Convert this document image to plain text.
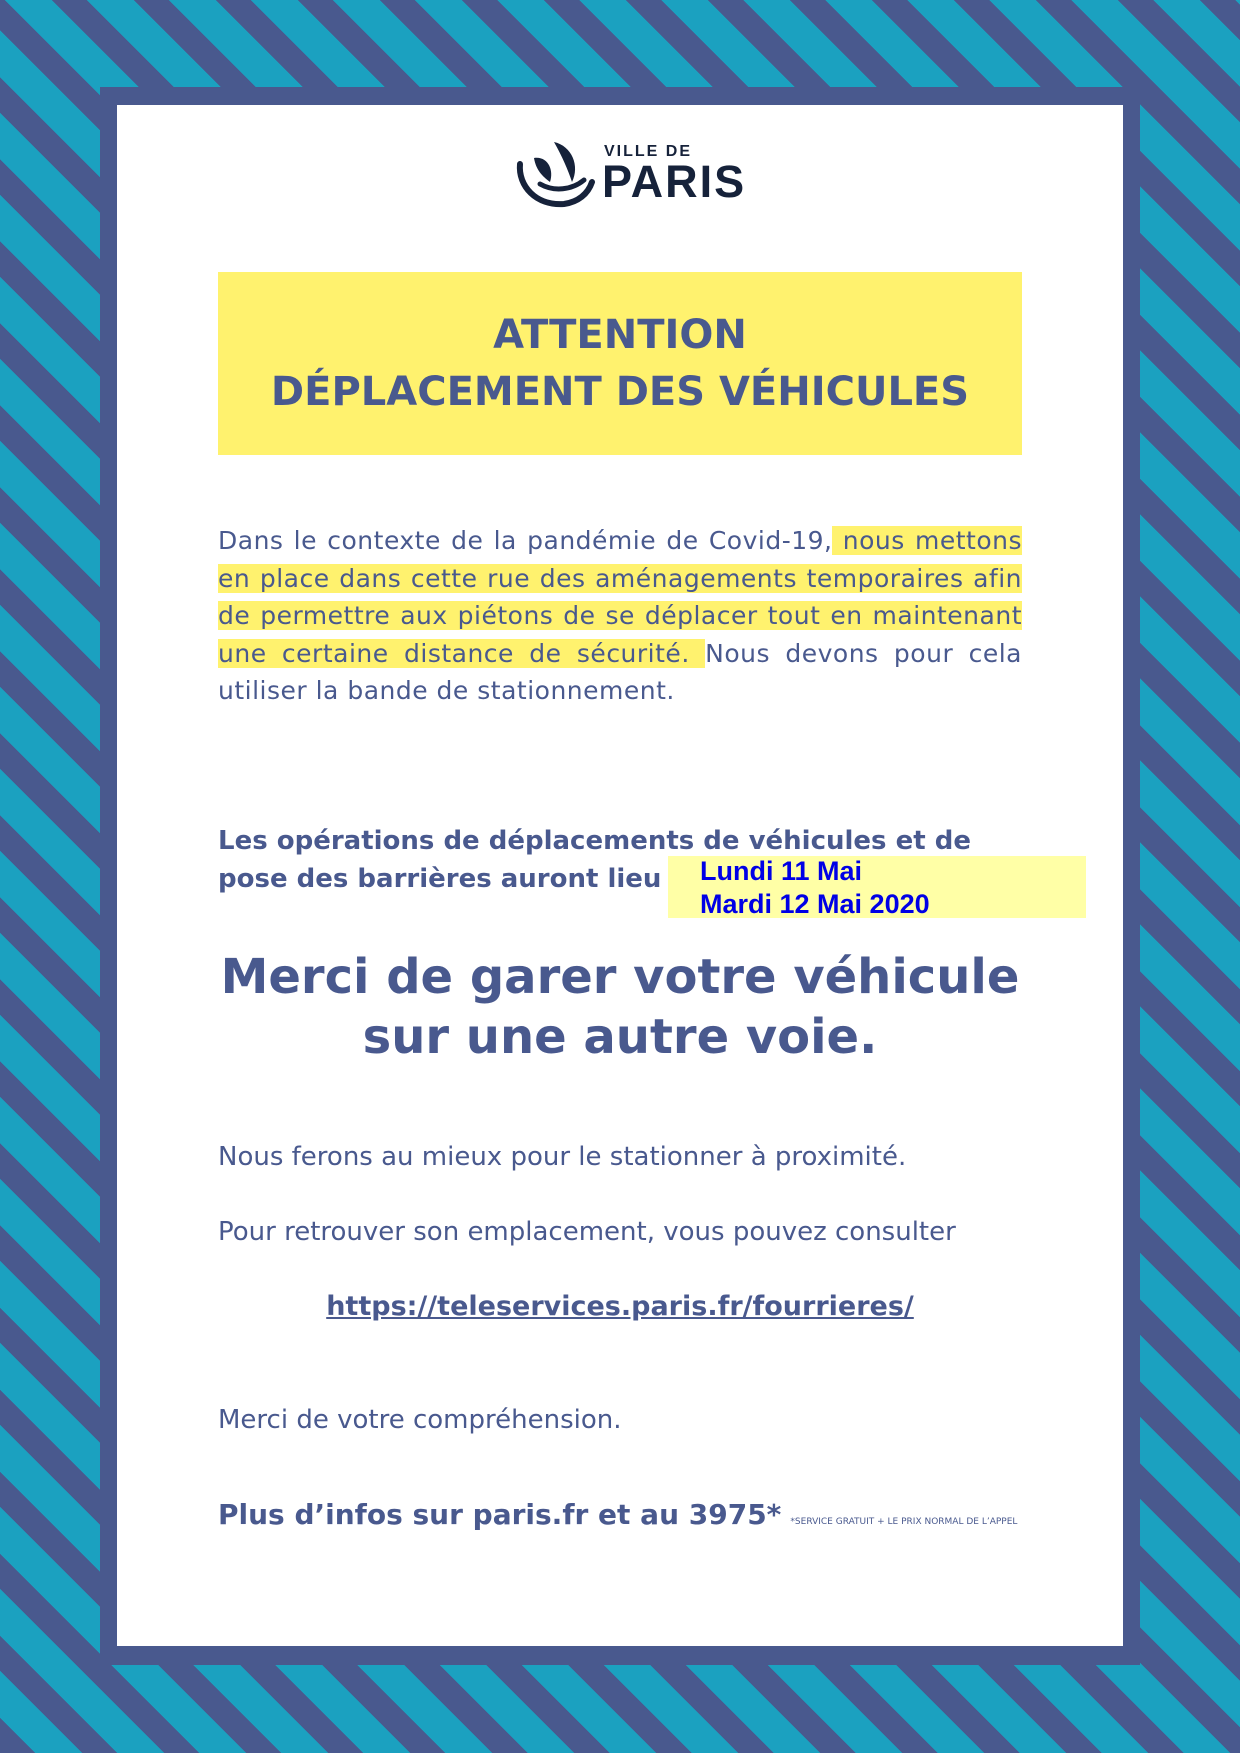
VILLE DE
PARIS
ATTENTION
DÉPLACEMENT DES VÉHICULES
Dans le contexte de la pandémie de Covid-19, nous mettons en place dans cette rue des aménagements temporaires afin de permettre aux piétons de se déplacer tout en maintenant une certaine distance de sécurité. Nous devons pour cela utiliser la bande de stationnement.
Les opérations de déplacements de véhicules et de
pose des barrières auront lieu	Lundi 11 Mai
Mardi 12 Mai 2020
Merci de garer votre véhicule
sur une autre voie.
Nous ferons au mieux pour le stationner à proximité.
Pour retrouver son emplacement, vous pouvez consulter
https://teleservices.paris.fr/fourrieres/
Merci de votre compréhension.
Plus d’infos sur paris.fr et au 3975* *SERVICE GRATUIT + LE PRIX NORMAL DE L’APPEL
